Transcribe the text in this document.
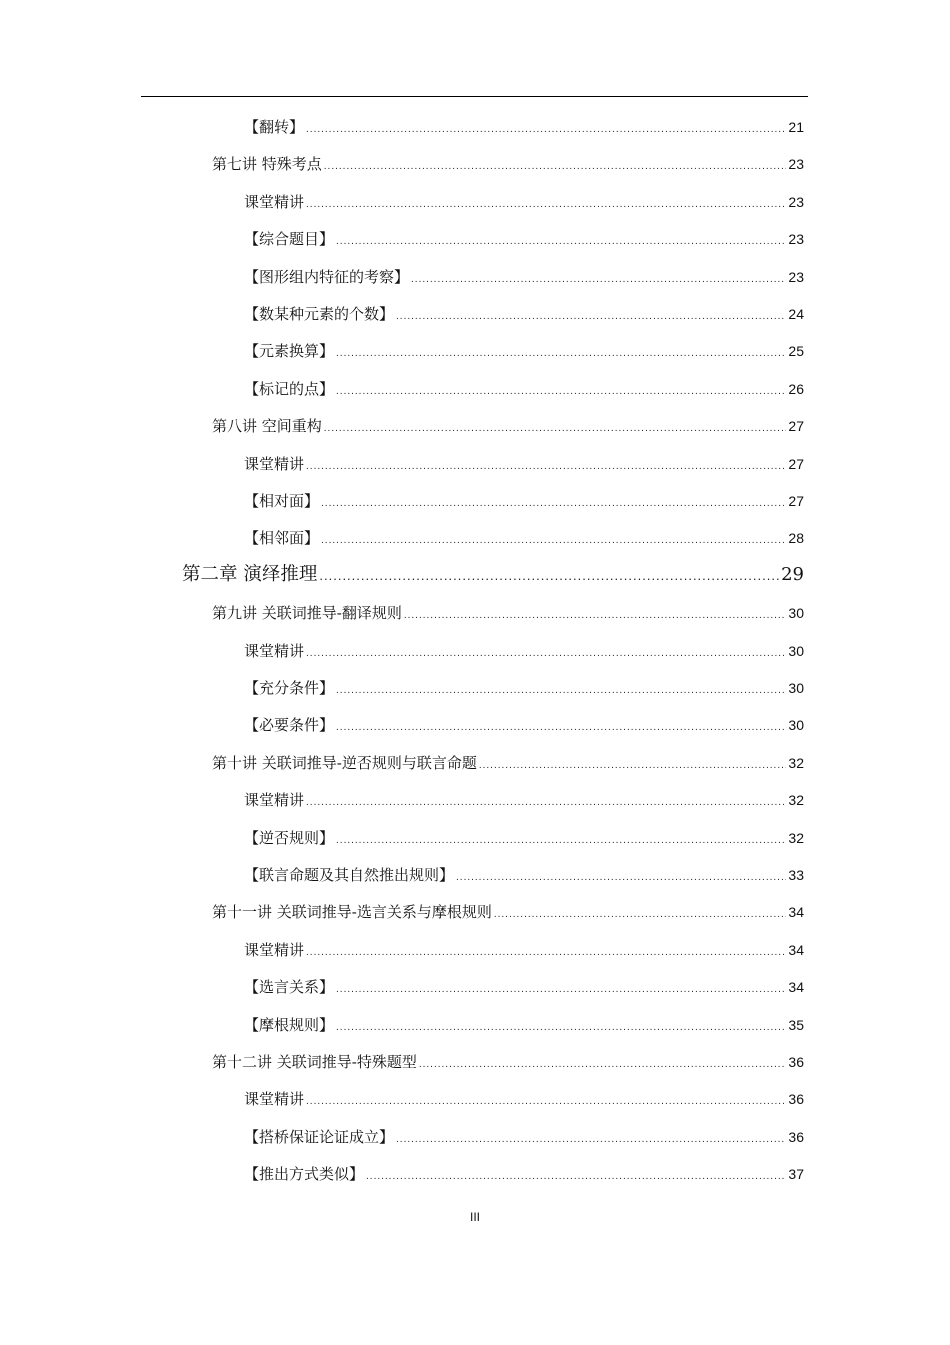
【翻转】 .....	21
第七讲 特殊考点 .....	23
课堂精讲 .....	23
【综合题目】 .....	23
【图形组内特征的考察】 .....	23
【数某种元素的个数】 .....	24
【元素换算】 .....	25
【标记的点】 .....	26
第八讲 空间重构 .....	27
课堂精讲 .....	27
【相对面】 .....	27
【相邻面】 .....	28
第二章 演绎推理 .....	29
第九讲 关联词推导-翻译规则 .....	30
课堂精讲 .....	30
【充分条件】 .....	30
【必要条件】 .....	30
第十讲 关联词推导-逆否规则与联言命题 .....	32
课堂精讲 .....	32
【逆否规则】 .....	32
【联言命题及其自然推出规则】 .....	33
第十一讲 关联词推导-选言关系与摩根规则 .....	34
课堂精讲 .....	34
【选言关系】 .....	34
【摩根规则】 .....	35
第十二讲 关联词推导-特殊题型 .....	36
课堂精讲 .....	36
【搭桥保证论证成立】 .....	36
【推出方式类似】 .....	37
III
